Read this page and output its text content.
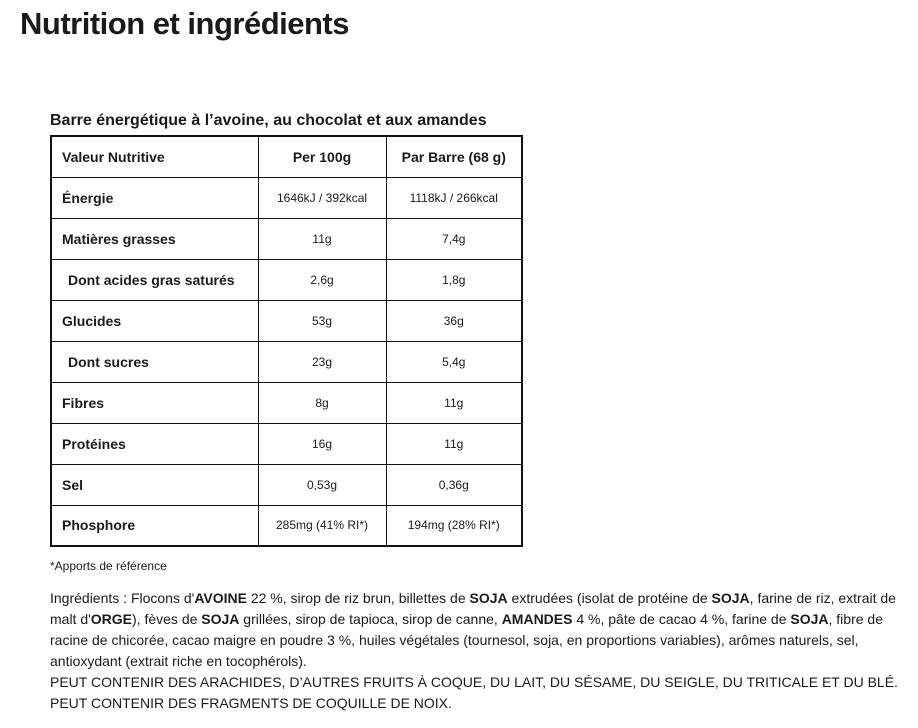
Nutrition et ingrédients
Barre énergétique à l’avoine, au chocolat et aux amandes
Valeur Nutritive	Per 100g	Par Barre (68 g)
Énergie	1646kJ / 392kcal	1118kJ / 266kcal
Matières grasses	11g	7,4g
Dont acides gras saturés	2,6g	1,8g
Glucides	53g	36g
Dont sucres	23g	5,4g
Fibres	8g	11g
Protéines	16g	11g
Sel	0,53g	0,36g
Phosphore	285mg (41% RI*)	194mg (28% RI*)

*Apports de référence

Ingrédients : Flocons d'AVOINE 22 %, sirop de riz brun, billettes de SOJA extrudées (isolat de protéine de SOJA, farine de riz, extrait de malt d'ORGE), fèves de SOJA grillées, sirop de tapioca, sirop de canne, AMANDES 4 %, pâte de cacao 4 %, farine de SOJA, fibre de racine de chicorée, cacao maigre en poudre 3 %, huiles végétales (tournesol, soja, en proportions variables), arômes naturels, sel, antioxydant (extrait riche en tocophérols).
PEUT CONTENIR DES ARACHIDES, D’AUTRES FRUITS À COQUE, DU LAIT, DU SÉSAME, DU SEIGLE, DU TRITICALE ET DU BLÉ. PEUT CONTENIR DES FRAGMENTS DE COQUILLE DE NOIX.
